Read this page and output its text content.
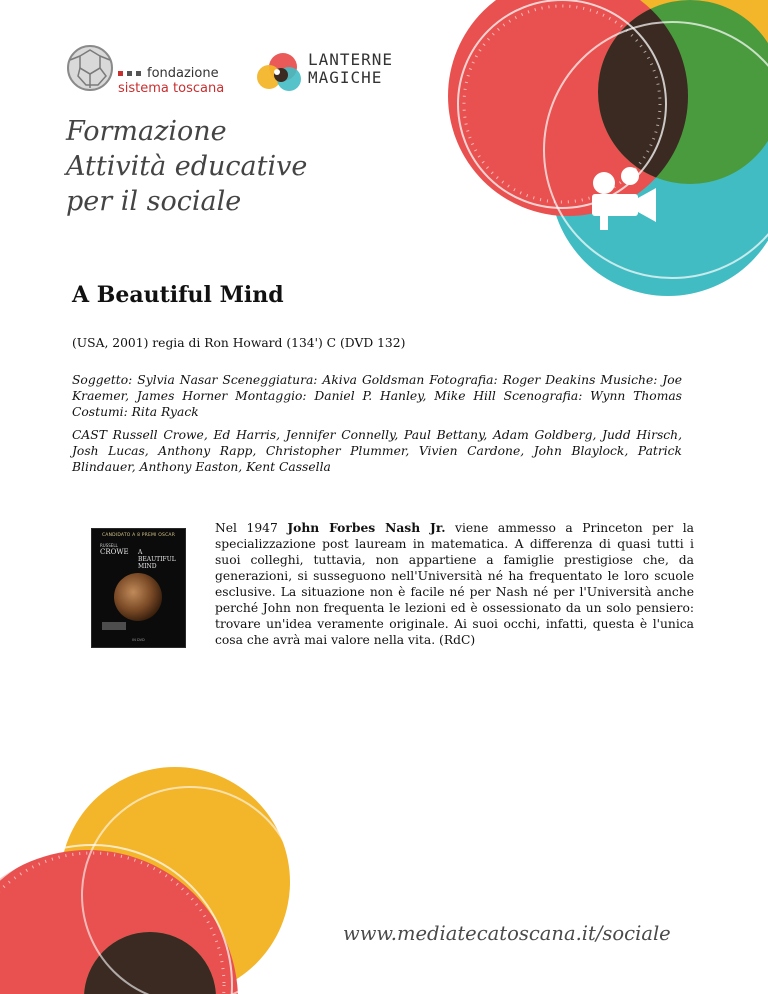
fondazione
sistema toscana
LANTERNE
MAGICHE
Formazione
Attività educative
per il sociale
A Beautiful Mind

(USA, 2001) regia di Ron Howard (134') C (DVD 132)

Soggetto: Sylvia Nasar Sceneggiatura: Akiva Goldsman Fotografia: Roger Deakins Musiche: Joe Kraemer, James Horner Montaggio: Daniel P. Hanley, Mike Hill Scenografia: Wynn Thomas Costumi: Rita Ryack

CAST Russell Crowe, Ed Harris, Jennifer Connelly, Paul Bettany, Adam Goldberg, Judd Hirsch, Josh Lucas, Anthony Rapp, Christopher Plummer, Vivien Cardone, John Blaylock, Patrick Blindauer, Anthony Easton, Kent Cassella

CANDIDATO A 8 PREMI OSCAR
RUSSELL
CROWE A
BEAUTIFUL
MIND
IN DVD

Nel 1947 John Forbes Nash Jr. viene ammesso a Princeton per la specializzazione post lauream in matematica. A differenza di quasi tutti i suoi colleghi, tuttavia, non appartiene a famiglie prestigiose che, da generazioni, si susseguono nell'Università né ha frequentato le loro scuole esclusive. La situazione non è facile né per Nash né per l'Università anche perché John non frequenta le lezioni ed è ossessionato da un solo pensiero: trovare un'idea veramente originale. Ai suoi occhi, infatti, questa è l'unica cosa che avrà mai valore nella vita. (RdC)

www.mediatecatoscana.it/sociale
